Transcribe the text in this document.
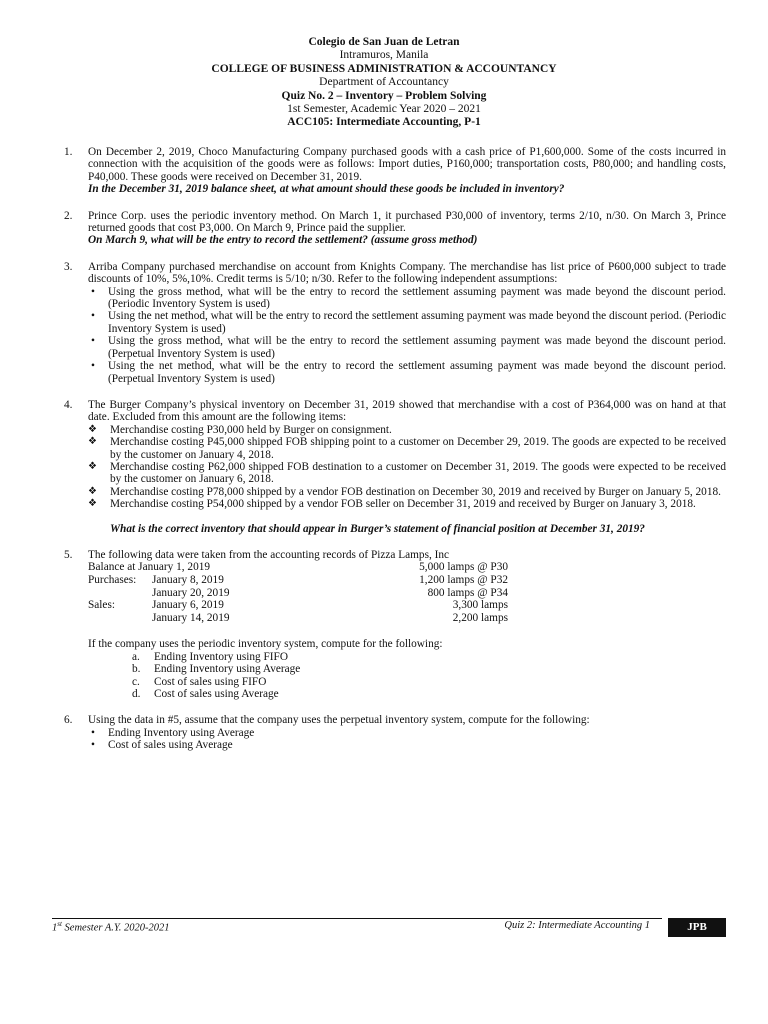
Colegio de San Juan de Letran
Intramuros, Manila
COLLEGE OF BUSINESS ADMINISTRATION & ACCOUNTANCY
Department of Accountancy
Quiz No. 2 – Inventory – Problem Solving
1st Semester, Academic Year 2020 – 2021
ACC105: Intermediate Accounting, P-1
1. On December 2, 2019, Choco Manufacturing Company purchased goods with a cash price of P1,600,000. Some of the costs incurred in connection with the acquisition of the goods were as follows: Import duties, P160,000; transportation costs, P80,000; and handling costs, P40,000. These goods were received on December 31, 2019.
In the December 31, 2019 balance sheet, at what amount should these goods be included in inventory?
2. Prince Corp. uses the periodic inventory method. On March 1, it purchased P30,000 of inventory, terms 2/10, n/30. On March 3, Prince returned goods that cost P3,000. On March 9, Prince paid the supplier.
On March 9, what will be the entry to record the settlement? (assume gross method)
3. Arriba Company purchased merchandise on account from Knights Company. The merchandise has list price of P600,000 subject to trade discounts of 10%, 5%,10%. Credit terms is 5/10; n/30. Refer to the following independent assumptions:
• Using the gross method, what will be the entry to record the settlement assuming payment was made beyond the discount period. (Periodic Inventory System is used)
• Using the net method, what will be the entry to record the settlement assuming payment was made beyond the discount period. (Periodic Inventory System is used)
• Using the gross method, what will be the entry to record the settlement assuming payment was made beyond the discount period. (Perpetual Inventory System is used)
• Using the net method, what will be the entry to record the settlement assuming payment was made beyond the discount period. (Perpetual Inventory System is used)
4. The Burger Company’s physical inventory on December 31, 2019 showed that merchandise with a cost of P364,000 was on hand at that date. Excluded from this amount are the following items:
❖ Merchandise costing P30,000 held by Burger on consignment.
❖ Merchandise costing P45,000 shipped FOB shipping point to a customer on December 29, 2019. The goods are expected to be received by the customer on January 4, 2018.
❖ Merchandise costing P62,000 shipped FOB destination to a customer on December 31, 2019. The goods were expected to be received by the customer on January 6, 2018.
❖ Merchandise costing P78,000 shipped by a vendor FOB destination on December 30, 2019 and received by Burger on January 5, 2018.
❖ Merchandise costing P54,000 shipped by a vendor FOB seller on December 31, 2019 and received by Burger on January 3, 2018.
What is the correct inventory that should appear in Burger’s statement of financial position at December 31, 2019?
5. The following data were taken from the accounting records of Pizza Lamps, Inc
Balance at January 1, 2019		5,000 lamps @ P30
Purchases:	January 8, 2019	1,200 lamps @ P32
	January 20, 2019	800 lamps @ P34
Sales:	January 6, 2019	3,300 lamps
	January 14, 2019	2,200 lamps
If the company uses the periodic inventory system, compute for the following:
a. Ending Inventory using FIFO
b. Ending Inventory using Average
c. Cost of sales using FIFO
d. Cost of sales using Average
6. Using the data in #5, assume that the company uses the perpetual inventory system, compute for the following:
• Ending Inventory using Average
• Cost of sales using Average
1st Semester A.Y. 2020-2021	Quiz 2: Intermediate Accounting 1	JPB
